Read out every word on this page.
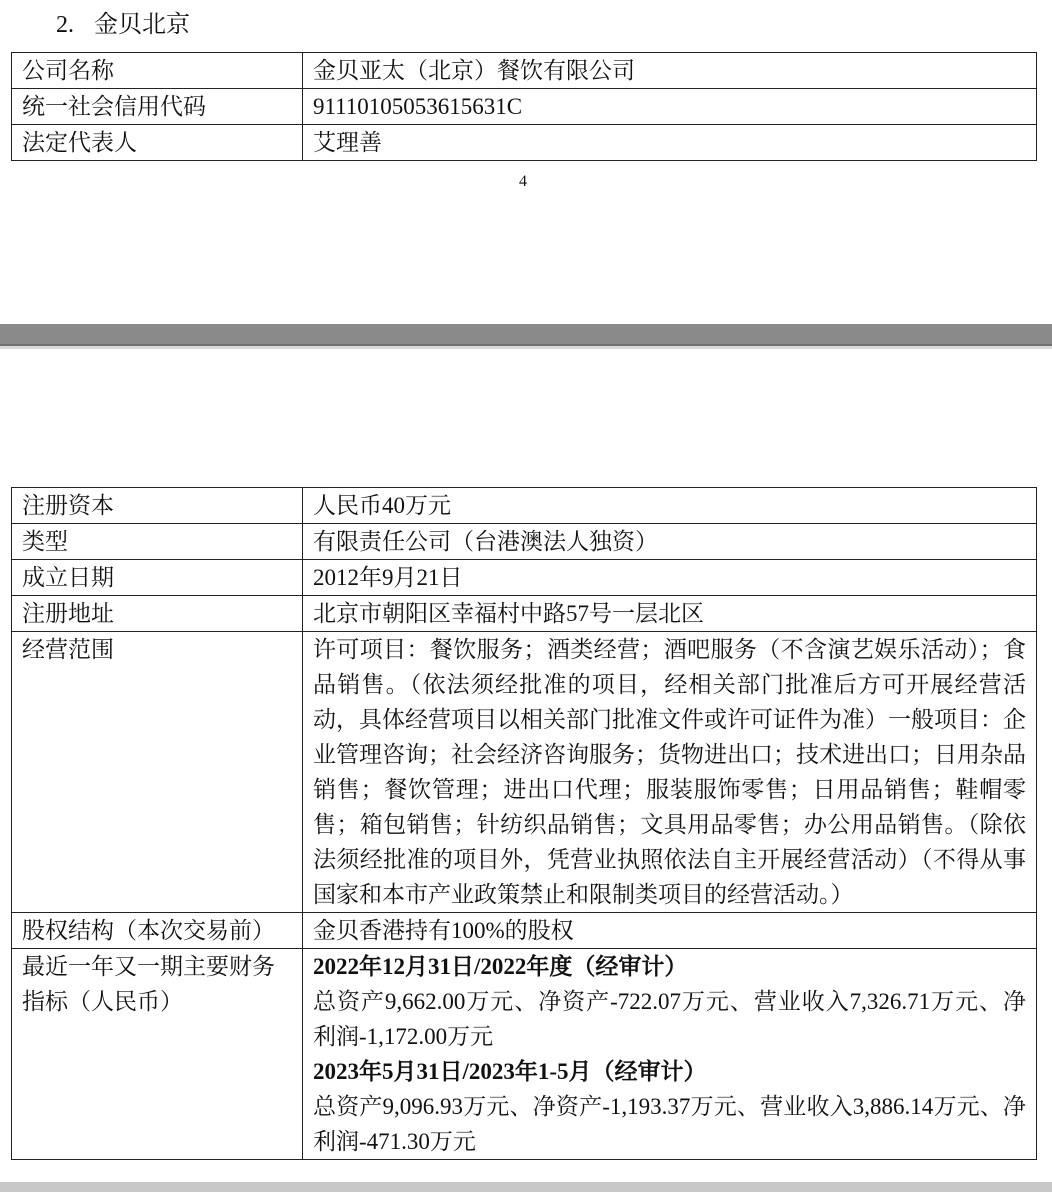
2. 金贝北京
公司名称	金贝亚太（北京）餐饮有限公司
统一社会信用代码	91110105053615631C
法定代表人	艾理善
4
注册资本	人民币40万元
类型	有限责任公司（台港澳法人独资）
成立日期	2012年9月21日
注册地址	北京市朝阳区幸福村中路57号一层北区
经营范围	许可项目：餐饮服务；酒类经营；酒吧服务（不含演艺娱乐活动）；食品销售。（依法须经批准的项目，经相关部门批准后方可开展经营活动，具体经营项目以相关部门批准文件或许可证件为准）一般项目：企业管理咨询；社会经济咨询服务；货物进出口；技术进出口；日用杂品销售；餐饮管理；进出口代理；服装服饰零售；日用品销售；鞋帽零售；箱包销售；针纺织品销售；文具用品零售；办公用品销售。（除依法须经批准的项目外，凭营业执照依法自主开展经营活动）（不得从事国家和本市产业政策禁止和限制类项目的经营活动。）
股权结构（本次交易前）	金贝香港持有100%的股权
最近一年又一期主要财务指标（人民币）	2022年12月31日/2022年度（经审计）
总资产9,662.00万元、净资产-722.07万元、营业收入7,326.71万元、净利润-1,172.00万元
2023年5月31日/2023年1-5月（经审计）
总资产9,096.93万元、净资产-1,193.37万元、营业收入3,886.14万元、净利润-471.30万元
